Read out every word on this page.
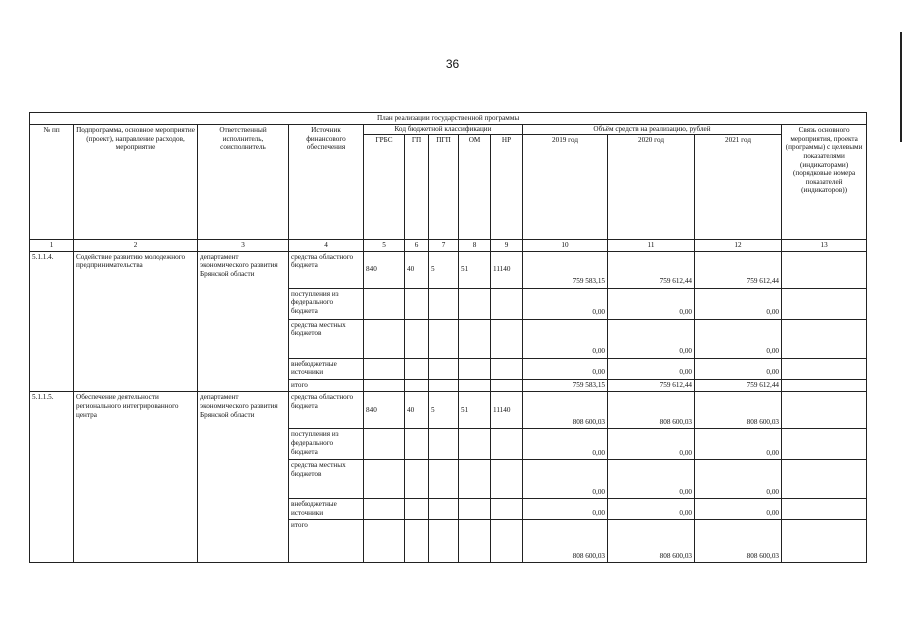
36
План реализации государственной программы												
№ пп	Подпрограмма, основное мероприятие (проект), направление расходов, мероприятие	Ответственный исполнитель, соисполнитель	Источник финансового обеспечения	Код бюджетной классификации					Объём средств на реализацию, рублей			Связь основного мероприятия, проекта (программы) с целевыми показателями (индикаторами) (порядковые номера показателей (индикаторов))
				ГРБС	ГП	ПГП	ОМ	НР	2019 год	2020 год	2021 год	
1	2	3	4	5	6	7	8	9	10	11	12	13
5.1.1.4.	Содействие развитию молодежного предпринимательства	департамент экономического развития Брянской области	средства областного бюджета	840	40	5	51	11140	759 583,15	759 612,44	759 612,44	
			поступления из федерального бюджета						0,00	0,00	0,00	
			средства местных бюджетов						0,00	0,00	0,00	
			внебюджетные источники						0,00	0,00	0,00	
			итого						759 583,15	759 612,44	759 612,44	
5.1.1.5.	Обеспечение деятельности регионального интегрированного центра	департамент экономического развития Брянской области	средства областного бюджета	840	40	5	51	11140	808 600,03	808 600,03	808 600,03	
			поступления из федерального бюджета						0,00	0,00	0,00	
			средства местных бюджетов						0,00	0,00	0,00	
			внебюджетные источники						0,00	0,00	0,00	
			итого						808 600,03	808 600,03	808 600,03	
